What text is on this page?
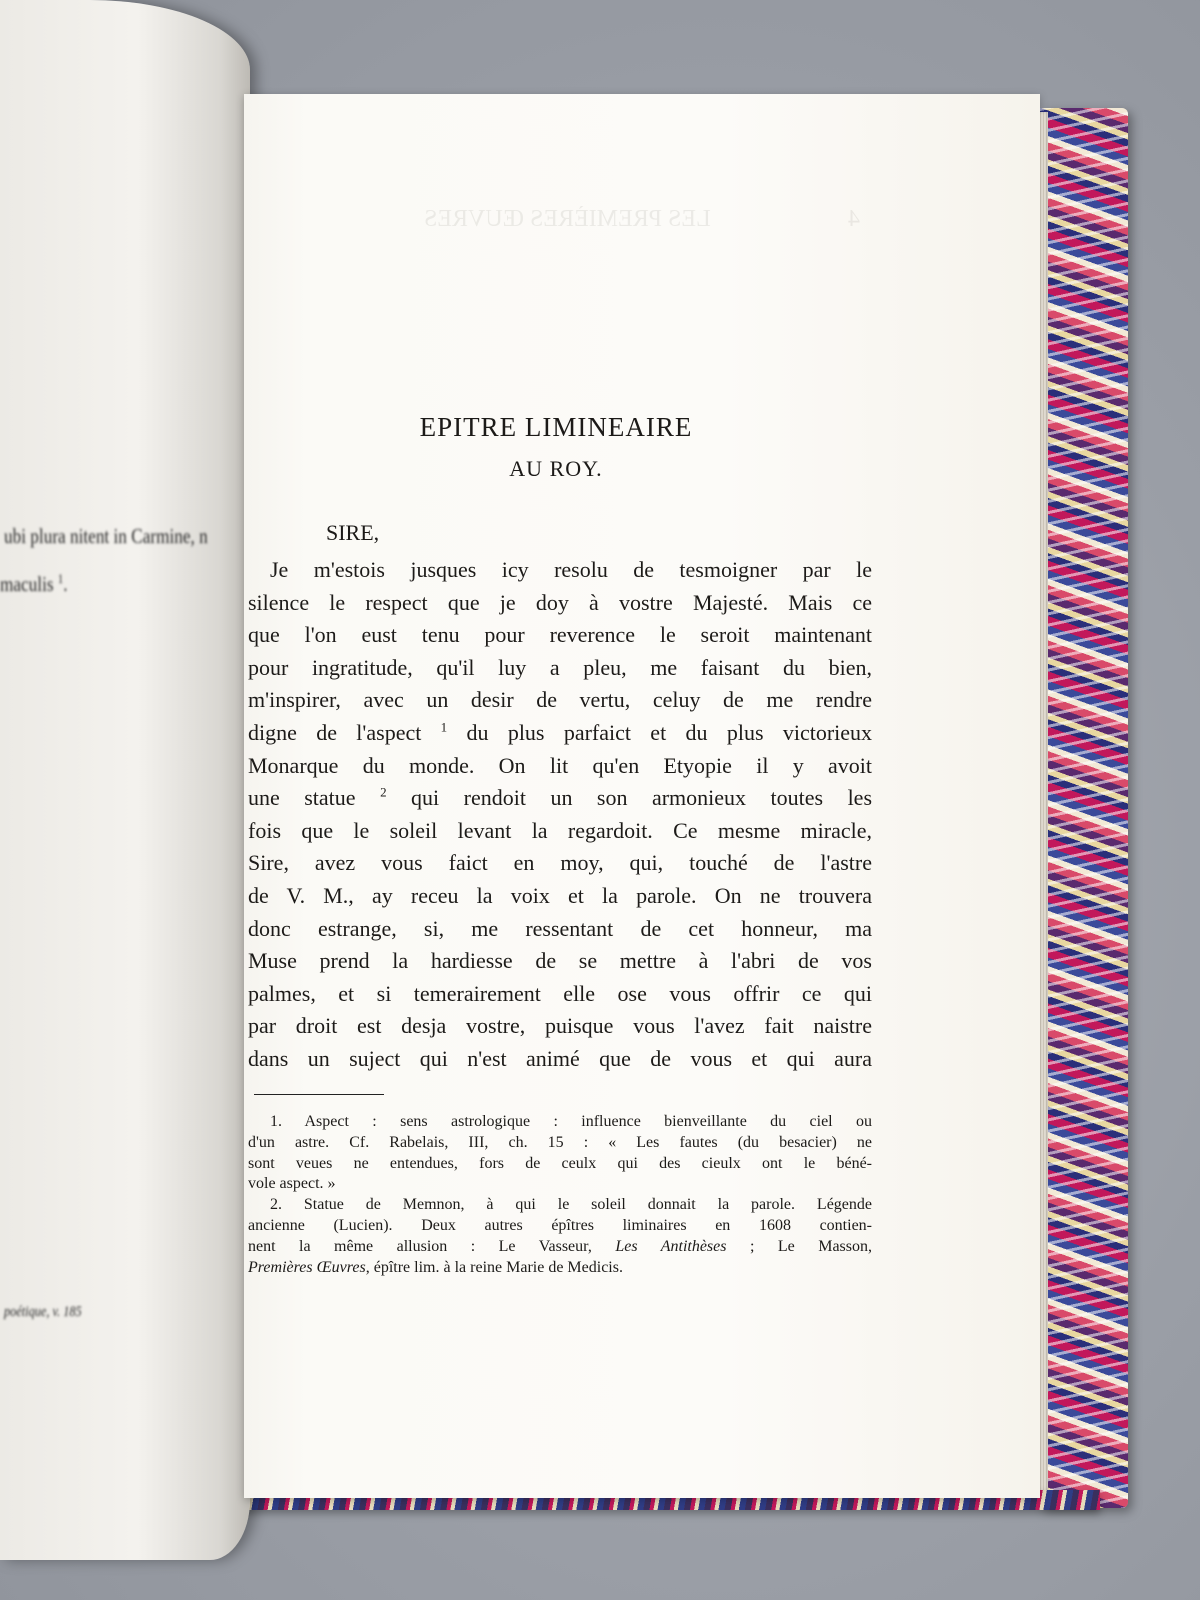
ubi plura nitent in Carmine, n
maculis $^1$.
poétique, v. 185
LES PREMIÈRES ŒUVRES	4
EPITRE LIMINEAIRE
AU ROY.
SIRE,
Je m'estois jusques icy resolu de tesmoigner par le
silence le respect que je doy à vostre Majesté. Mais ce
que l'on eust tenu pour reverence le seroit maintenant
pour ingratitude, qu'il luy a pleu, me faisant du bien,
m'inspirer, avec un desir de vertu, celuy de me rendre
digne de l'aspect $^1$ du plus parfaict et du plus victorieux
Monarque du monde. On lit qu'en Etyopie il y avoit
une statue $^2$ qui rendoit un son armonieux toutes les
fois que le soleil levant la regardoit. Ce mesme miracle,
Sire, avez vous faict en moy, qui, touché de l'astre
de V. M., ay receu la voix et la parole. On ne trouvera
donc estrange, si, me ressentant de cet honneur, ma
Muse prend la hardiesse de se mettre à l'abri de vos
palmes, et si temerairement elle ose vous offrir ce qui
par droit est desja vostre, puisque vous l'avez fait naistre
dans un suject qui n'est animé que de vous et qui aura
1. Aspect : sens astrologique : influence bienveillante du ciel ou
d'un astre. Cf. Rabelais, III, ch. 15 : « Les fautes (du besacier) ne
sont veues ne entendues, fors de ceulx qui des cieulx ont le béné-
vole aspect. »
2. Statue de Memnon, à qui le soleil donnait la parole. Légende
ancienne (Lucien). Deux autres épîtres liminaires en 1608 contien-
nent la même allusion : Le Vasseur, Les Antithèses ; Le Masson,
Premières Œuvres, épître lim. à la reine Marie de Medicis.
